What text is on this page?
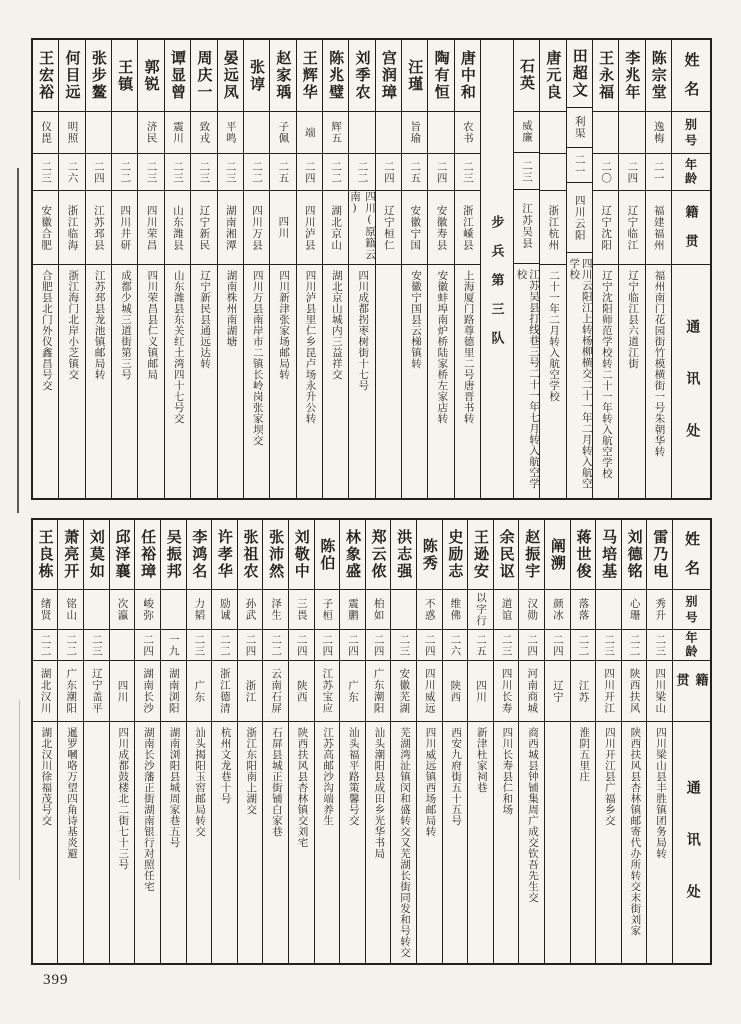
姓名
别号
年龄
籍贯
通讯处
陈宗堂
逸梅
二一
福建福州
福州南门花园街竹模横街一号朱朝华转
李兆年
二四
辽宁临江
辽宁临江县六道江街
王永福
二〇
辽宁沈阳
辽宁沈阳师范学校转二十一年转入航空学校
田超文
利渠
二一
四川云阳
四川云阳江上转杨柳横交二十一年二月转入航空学校
唐元良
浙江杭州
二十一年二月转入航空学校
石英
威廉
二三
江苏吴县
江苏吴县打线巷三号二十一年七月转入航空学校
步兵第三队
唐中和
农书
二三
浙江嵊县
上海厦门路尊德里二号唐晋书转
陶有恒
二四
安徽寿县
安徽蚌埠南炉桥陆家桥左家店转
汪瑾
旨瑜
二五
安徽宁国
安徽宁国县云梯镇转
宫润璋
二四
辽宁桓仁
刘季农
二二
四川(原籍云南)
四川成都拐枣树街十七号
陈兆璧
辉五
二二
湖北京山
湖北京山城内三益祥交
王辉华
端
二四
四川泸县
四川泸县里仁乡昆卢场永升公转
赵家瑀
子佩
二五
四川
四川新津张家场邮局转
张谆
二二
四川万县
四川万县南岸市二镇长岭岗张家坝交
晏远凤
平鸣
二三
湖南湘潭
湖南株州南湖塘
周庆一
致戎
二三
辽宁新民
辽宁新民县通远达转
谭显曾
震川
二三
山东潍县
山东潍县东关红土湾四十七号交
郭锐
济民
二三
四川荣昌
四川荣昌县仁义镇邮局
王镇
二二
四川井研
成都少城三道街第三号
张步鳌
二四
江苏邳县
江苏邳县龙池镇邮局转
何目远
明照
二六
浙江临海
浙江海门北岸小芝镇交
王宏裕
仪毘
二三
安徽合肥
合肥县北门外仪鑫昌号交
姓名
别号
年龄
籍贯
通讯处
雷乃电
秀升
二三
四川梁山
四川梁山县丰胜镇团务局转
刘德铭
心珊
二二
陕西扶风
陕西扶风县杏林镇邮寄代办所转交末街刘家
马培基
二三
四川开江
四川开江县广福乡交
蒋世俊
落落
二二
江苏
淮阴五里庄
阐溯
颜冰
二四
辽宁
赵振宇
汉勋
二四
河南商城
商西城县钟铺集周广成交钦吾先生交
余民讴
道谊
二三
四川长寿
四川长寿县仁和场
王逊安
以字行
二五
四川
新津杜家祠巷
史励志
维佛
二六
陕西
西安九府街五十五号
陈秀
不惑
二四
四川威远
四川威远镇西场邮局转
洪志强
二三
安徽芜湖
芜湖湾沚镇闵和盛转交又芜湖长街同发和号转交
郑云侬
柏如
二四
广东潮阳
汕头潮阳县成田乡光华书局
林象盛
震鹏
二四
广东
汕头福平路策馨号交
陈伯
子桓
二四
江苏宝应
江苏高邮沙沟端养生
刘敬中
三畏
二四
陕西
陕西扶风县杏林镇交刘宅
张沛然
泽生
二二
云南石屏
石屏县城正街铺白家巷
张祖农
孙武
二四
浙江
浙江东阳南上湖交
许孝华
励诚
二二
浙江德清
杭州文龙巷十号
李鸿名
力韬
二三
广东
汕头揭阳玉窖邮局转交
吴振邦
一九
湖南浏阳
湖南浏阳县城周家巷五号
任裕璋
峻弥
二四
湖南长沙
湖南长沙藩正街湖南银行对照任宅
邱泽襄
次瀛
四川
四川成都鼓楼北二街七十三号
刘莫如
二三
辽宁盖平
萧亮开
铭山
二二
广东潮阳
暹罗嘓咯万望四角诗基炎避
王良栋
绪贤
二二
湖北汉川
湖北汉川徐福茂号交
399
